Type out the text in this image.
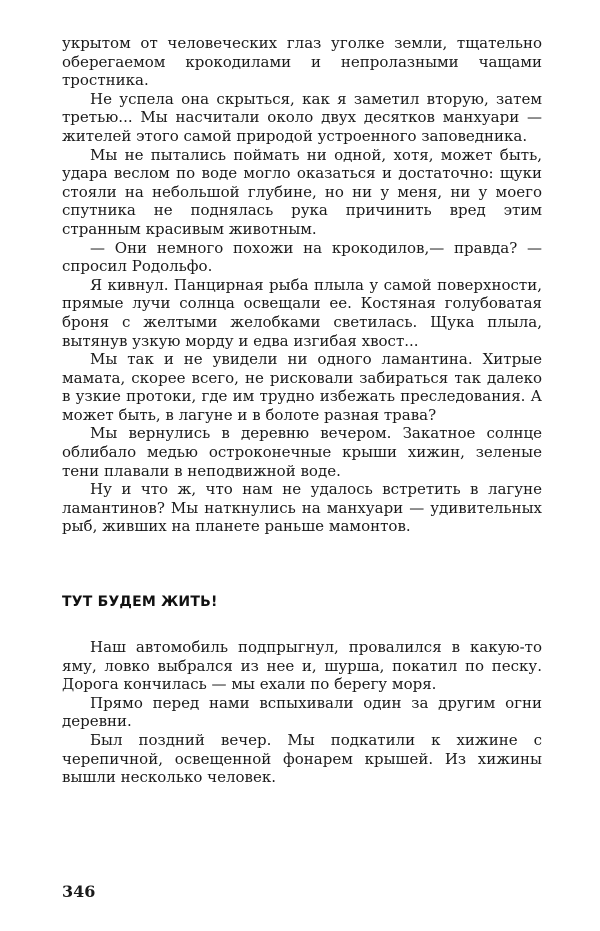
укрытом от человеческих глаз уголке земли, тщательно оберегаемом крокодилами и непролазными чащами тростника.

Не успела она скрыться, как я заметил вторую, затем третью... Мы насчитали около двух десятков манхуари — жителей этого самой природой устроенного заповедника.

Мы не пытались поймать ни одной, хотя, может быть, удара веслом по воде могло оказаться и достаточно: щуки стояли на небольшой глубине, но ни у меня, ни у моего спутника не поднялась рука причинить вред этим странным красивым животным.

— Они немного похожи на крокодилов,— правда? — спросил Родольфо.

Я кивнул. Панцирная рыба плыла у самой поверхности, прямые лучи солнца освещали ее. Костяная голубоватая броня с желтыми желобками светилась. Щука плыла, вытянув узкую морду и едва изгибая хвост...

Мы так и не увидели ни одного ламантина. Хитрые мамата, скорее всего, не рисковали забираться так далеко в узкие протоки, где им трудно избежать преследования. А может быть, в лагуне и в болоте разная трава?

Мы вернулись в деревню вечером. Закатное солнце облибало медью остроконечные крыши хижин, зеленые тени плавали в неподвижной воде.

Ну и что ж, что нам не удалось встретить в лагуне ламантинов? Мы наткнулись на манхуари — удивительных рыб, живших на планете раньше мамонтов.

ТУТ БУДЕМ ЖИТЬ!

Наш автомобиль подпрыгнул, провалился в какую-то яму, ловко выбрался из нее и, шурша, покатил по песку. Дорога кончилась — мы ехали по берегу моря.

Прямо перед нами вспыхивали один за другим огни деревни.

Был поздний вечер. Мы подкатили к хижине с черепичной, освещенной фонарем крышей. Из хижины вышли несколько человек.

346
